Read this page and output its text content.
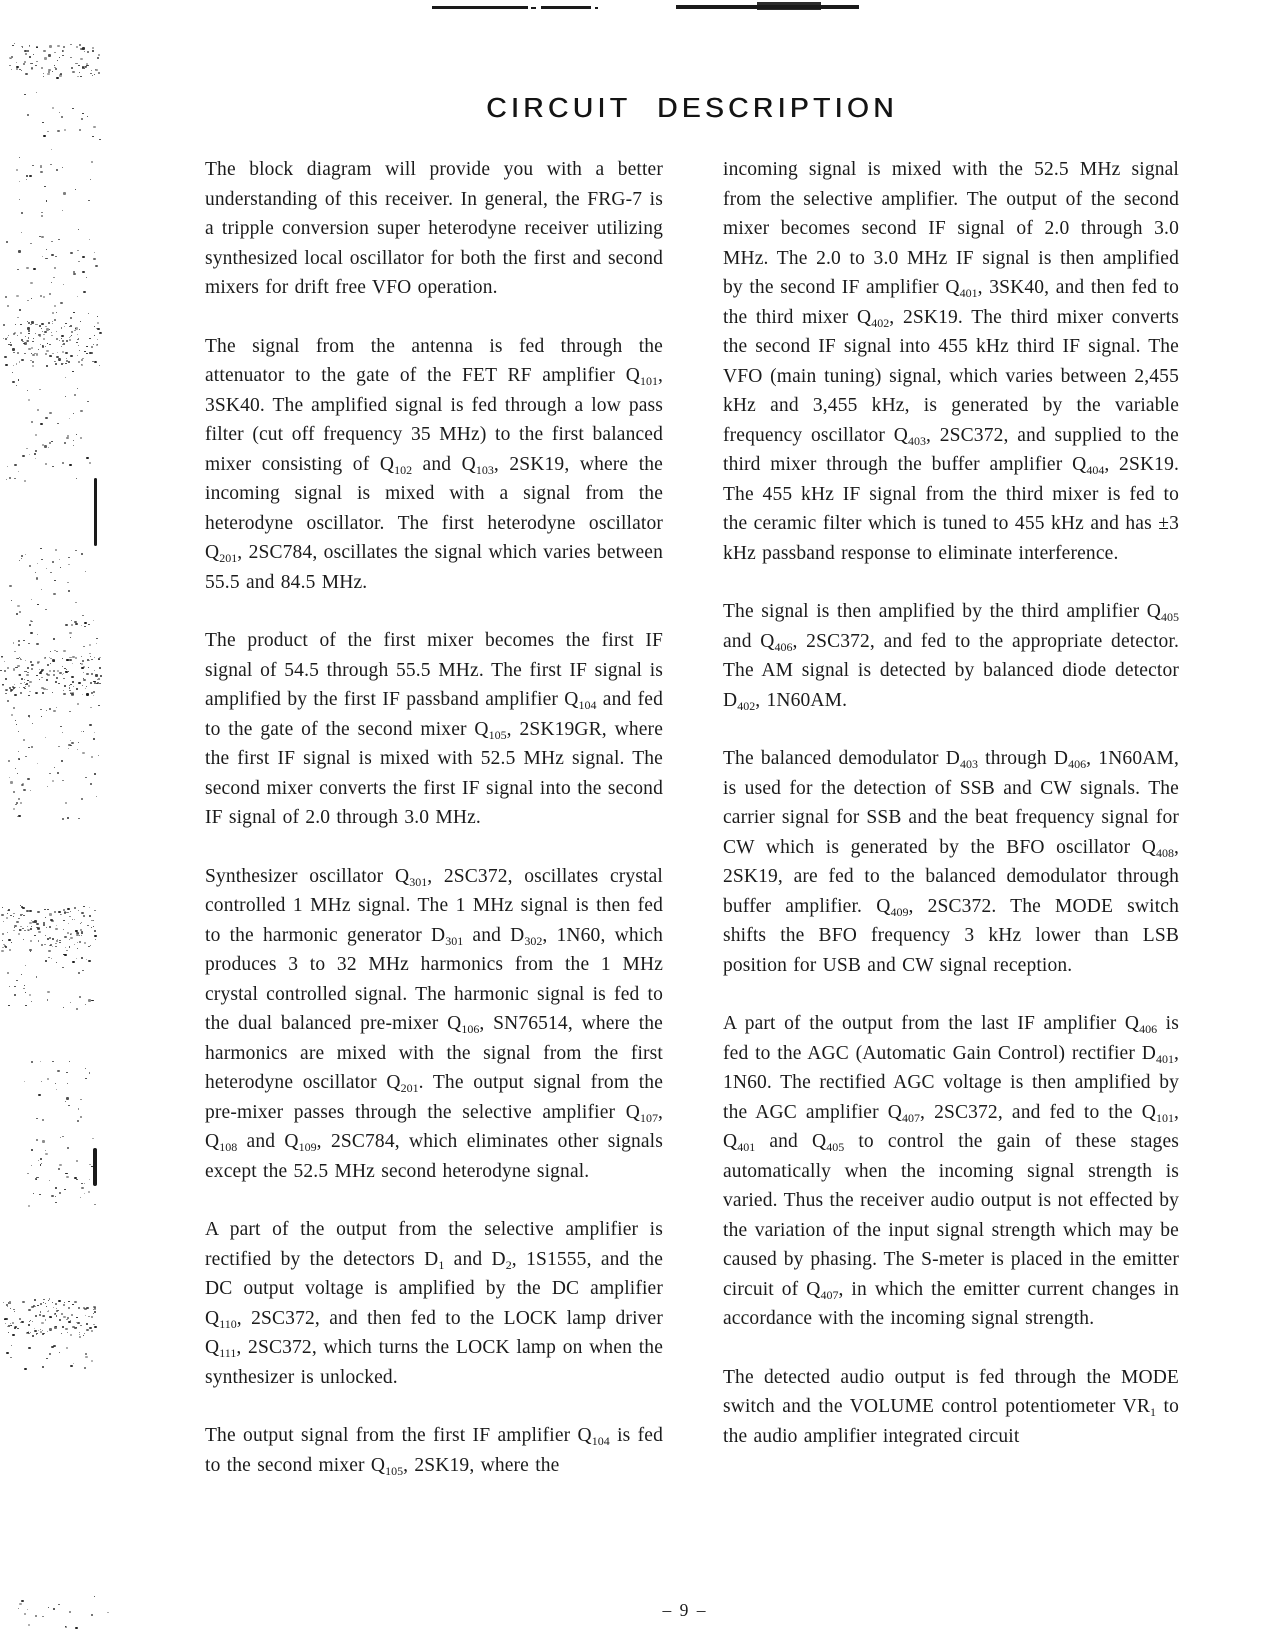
CIRCUIT DESCRIPTION

The block diagram will provide you with a better understanding of this receiver. In general, the FRG-7 is a tripple conversion super heterodyne receiver utilizing synthesized local oscillator for both the first and second mixers for drift free VFO operation.

The signal from the antenna is fed through the attenuator to the gate of the FET RF amplifier $Q_{101}$, 3SK40. The amplified signal is fed through a low pass filter (cut off frequency 35 MHz) to the first balanced mixer consisting of $Q_{102}$ and $Q_{103}$, 2SK19, where the incoming signal is mixed with a signal from the heterodyne oscillator. The first heterodyne oscillator $Q_{201}$, 2SC784, oscillates the signal which varies between 55.5 and 84.5 MHz.

The product of the first mixer becomes the first IF signal of 54.5 through 55.5 MHz. The first IF signal is amplified by the first IF passband amplifier $Q_{104}$ and fed to the gate of the second mixer $Q_{105}$, 2SK19GR, where the first IF signal is mixed with 52.5 MHz signal. The second mixer converts the first IF signal into the second IF signal of 2.0 through 3.0 MHz.

Synthesizer oscillator $Q_{301}$, 2SC372, oscillates crystal controlled 1 MHz signal. The 1 MHz signal is then fed to the harmonic generator $D_{301}$ and $D_{302}$, 1N60, which produces 3 to 32 MHz harmonics from the 1 MHz crystal controlled signal. The harmonic signal is fed to the dual balanced pre-mixer $Q_{106}$, SN76514, where the harmonics are mixed with the signal from the first heterodyne oscillator $Q_{201}$. The output signal from the pre-mixer passes through the selective amplifier $Q_{107}$, $Q_{108}$ and $Q_{109}$, 2SC784, which eliminates other signals except the 52.5 MHz second heterodyne signal.

A part of the output from the selective amplifier is rectified by the detectors $D_1$ and $D_2$, 1S1555, and the DC output voltage is amplified by the DC amplifier $Q_{110}$, 2SC372, and then fed to the LOCK lamp driver $Q_{111}$, 2SC372, which turns the LOCK lamp on when the synthesizer is unlocked.

The output signal from the first IF amplifier $Q_{104}$ is fed to the second mixer $Q_{105}$, 2SK19, where the

incoming signal is mixed with the 52.5 MHz signal from the selective amplifier. The output of the second mixer becomes second IF signal of 2.0 through 3.0 MHz. The 2.0 to 3.0 MHz IF signal is then amplified by the second IF amplifier $Q_{401}$, 3SK40, and then fed to the third mixer $Q_{402}$, 2SK19. The third mixer converts the second IF signal into 455 kHz third IF signal. The VFO (main tuning) signal, which varies between 2,455 kHz and 3,455 kHz, is generated by the variable frequency oscillator $Q_{403}$, 2SC372, and supplied to the third mixer through the buffer amplifier $Q_{404}$, 2SK19. The 455 kHz IF signal from the third mixer is fed to the ceramic filter which is tuned to 455 kHz and has ±3 kHz passband response to eliminate interference.

The signal is then amplified by the third amplifier $Q_{405}$ and $Q_{406}$, 2SC372, and fed to the appropriate detector. The AM signal is detected by balanced diode detector $D_{402}$, 1N60AM.

The balanced demodulator $D_{403}$ through $D_{406}$, 1N60AM, is used for the detection of SSB and CW signals. The carrier signal for SSB and the beat frequency signal for CW which is generated by the BFO oscillator $Q_{408}$, 2SK19, are fed to the balanced demodulator through buffer amplifier. $Q_{409}$, 2SC372. The MODE switch shifts the BFO frequency 3 kHz lower than LSB position for USB and CW signal reception.

A part of the output from the last IF amplifier $Q_{406}$ is fed to the AGC (Automatic Gain Control) rectifier $D_{401}$, 1N60. The rectified AGC voltage is then amplified by the AGC amplifier $Q_{407}$, 2SC372, and fed to the $Q_{101}$, $Q_{401}$ and $Q_{405}$ to control the gain of these stages automatically when the incoming signal strength is varied. Thus the receiver audio output is not effected by the variation of the input signal strength which may be caused by phasing. The S-meter is placed in the emitter circuit of $Q_{407}$, in which the emitter current changes in accordance with the incoming signal strength.

The detected audio output is fed through the MODE switch and the VOLUME control potentiometer $VR_1$ to the audio amplifier integrated circuit

– 9 –
